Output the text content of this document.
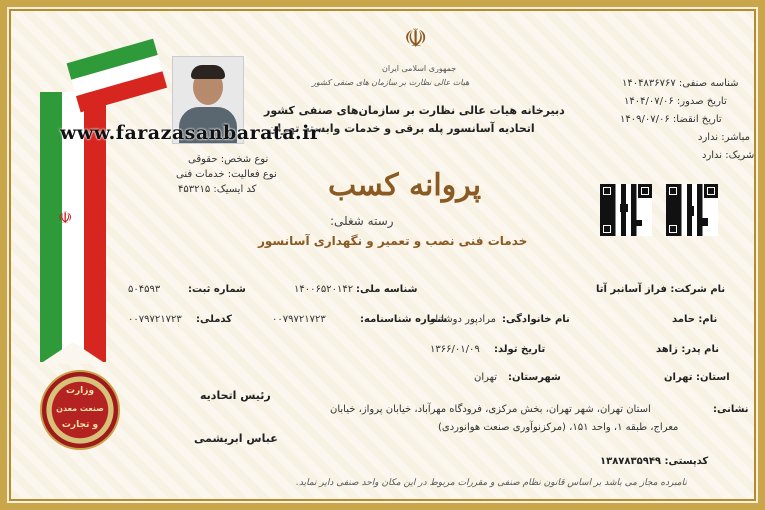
☫
وزارت
صنعت معدن
و تجارت
☫
جمهوری اسلامی ایران
هیات عالی نظارت بر سازمان های صنفی کشور
دبیرخانه هیات عالی نظارت بر سازمان‌های صنفی کشور
اتحادیه آسانسور پله برقی و خدمات وابسته تهران
www.farazasanbarata.ir
نوع شخص: حقوقی
نوع فعالیت: خدمات فنی
کد ایسیک: ۴۵۳۲۱۵
شناسه صنفی: ۱۴۰۴۸۳۶۷۶۷
تاریخ صدور: ۱۴۰۴/۰۷/۰۶
تاریخ انقضا: ۱۴۰۹/۰۷/۰۶
مباشر: ندارد
شریک: ندارد
پروانه کسب
رسته شغلی:
خدمات فنی نصب و تعمیر و نگهداری آسانسور
نام شرکت: فراز آسانبر آتا
شناسه ملی:
۱۴۰۰۶۵۲۰۱۴۲
شماره ثبت:
۵۰۴۵۹۳
نام: حامد
نام خانوادگی:
مرادپور دوشانلو
شماره شناسنامه:
۰۰۷۹۷۲۱۷۲۳
کدملی:
۰۰۷۹۷۲۱۷۲۳
نام پدر: زاهد
تاریخ تولد:
۱۳۶۶/۰۱/۰۹
استان: تهران
شهرستان:
تهران
نشانی:
استان تهران، شهر تهران، بخش مرکزی، فرودگاه مهرآباد، خیابان پرواز، خیابان
معراج، طبقه ۱، واحد ۱۵۱، (مرکزنوآوری صنعت هوانوردی)
کدپستی: ۱۳۸۷۸۳۵۹۴۹
رئیس اتحادیه
عباس ابریشمی
نامبرده مجاز می باشد بر اساس قانون نظام صنفی و مقررات مربوط در این مکان واحد صنفی دایر نماید.
